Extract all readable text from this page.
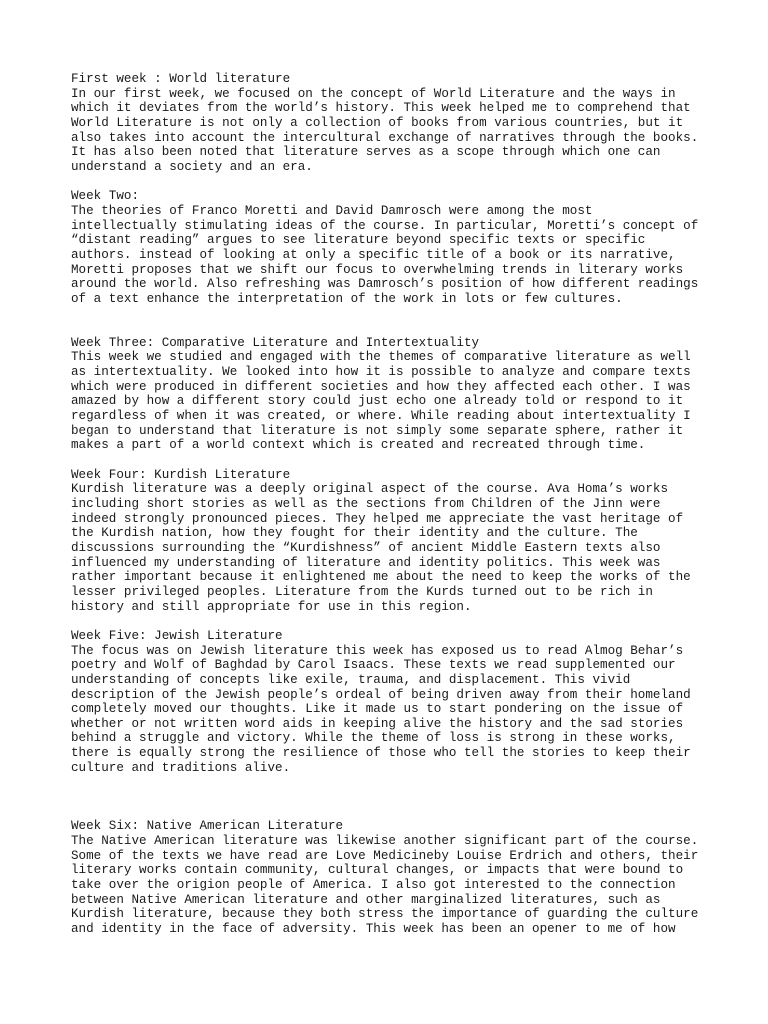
First week : World literature
In our first week, we focused on the concept of World Literature and the ways in
which it deviates from the world’s history. This week helped me to comprehend that
World Literature is not only a collection of books from various countries, but it
also takes into account the intercultural exchange of narratives through the books.
It has also been noted that literature serves as a scope through which one can
understand a society and an era.
Week Two:
The theories of Franco Moretti and David Damrosch were among the most
intellectually stimulating ideas of the course. In particular, Moretti’s concept of
“distant reading” argues to see literature beyond specific texts or specific
authors. instead of looking at only a specific title of a book or its narrative,
Moretti proposes that we shift our focus to overwhelming trends in literary works
around the world. Also refreshing was Damrosch’s position of how different readings
of a text enhance the interpretation of the work in lots or few cultures.
Week Three: Comparative Literature and Intertextuality
This week we studied and engaged with the themes of comparative literature as well
as intertextuality. We looked into how it is possible to analyze and compare texts
which were produced in different societies and how they affected each other. I was
amazed by how a different story could just echo one already told or respond to it
regardless of when it was created, or where. While reading about intertextuality I
began to understand that literature is not simply some separate sphere, rather it
makes a part of a world context which is created and recreated through time.
Week Four: Kurdish Literature
Kurdish literature was a deeply original aspect of the course. Ava Homa’s works
including short stories as well as the sections from Children of the Jinn were
indeed strongly pronounced pieces. They helped me appreciate the vast heritage of
the Kurdish nation, how they fought for their identity and the culture. The
discussions surrounding the “Kurdishness” of ancient Middle Eastern texts also
influenced my understanding of literature and identity politics. This week was
rather important because it enlightened me about the need to keep the works of the
lesser privileged peoples. Literature from the Kurds turned out to be rich in
history and still appropriate for use in this region.
Week Five: Jewish Literature
The focus was on Jewish literature this week has exposed us to read Almog Behar’s
poetry and Wolf of Baghdad by Carol Isaacs. These texts we read supplemented our
understanding of concepts like exile, trauma, and displacement. This vivid
description of the Jewish people’s ordeal of being driven away from their homeland
completely moved our thoughts. Like it made us to start pondering on the issue of
whether or not written word aids in keeping alive the history and the sad stories
behind a struggle and victory. While the theme of loss is strong in these works,
there is equally strong the resilience of those who tell the stories to keep their
culture and traditions alive.
Week Six: Native American Literature
The Native American literature was likewise another significant part of the course.
Some of the texts we have read are Love Medicineby Louise Erdrich and others, their
literary works contain community, cultural changes, or impacts that were bound to
take over the origion people of America. I also got interested to the connection
between Native American literature and other marginalized literatures, such as
Kurdish literature, because they both stress the importance of guarding the culture
and identity in the face of adversity. This week has been an opener to me of how
